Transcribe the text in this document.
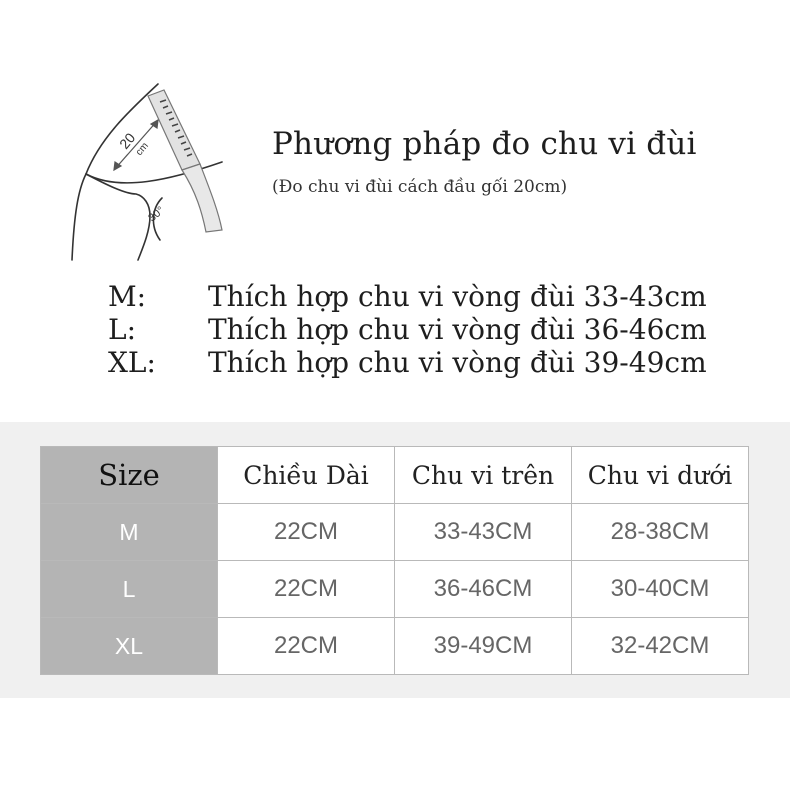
20
cm
30°
Phương pháp đo chu vi đùi
(Đo chu vi đùi cách đầu gối 20cm)
M:	Thích hợp chu vi vòng đùi 33-43cm
L:	Thích hợp chu vi vòng đùi 36-46cm
XL:	Thích hợp chu vi vòng đùi 39-49cm
Size	Chiều Dài	Chu vi trên	Chu vi dưới
M	22CM	33-43CM	28-38CM
L	22CM	36-46CM	30-40CM
XL	22CM	39-49CM	32-42CM
